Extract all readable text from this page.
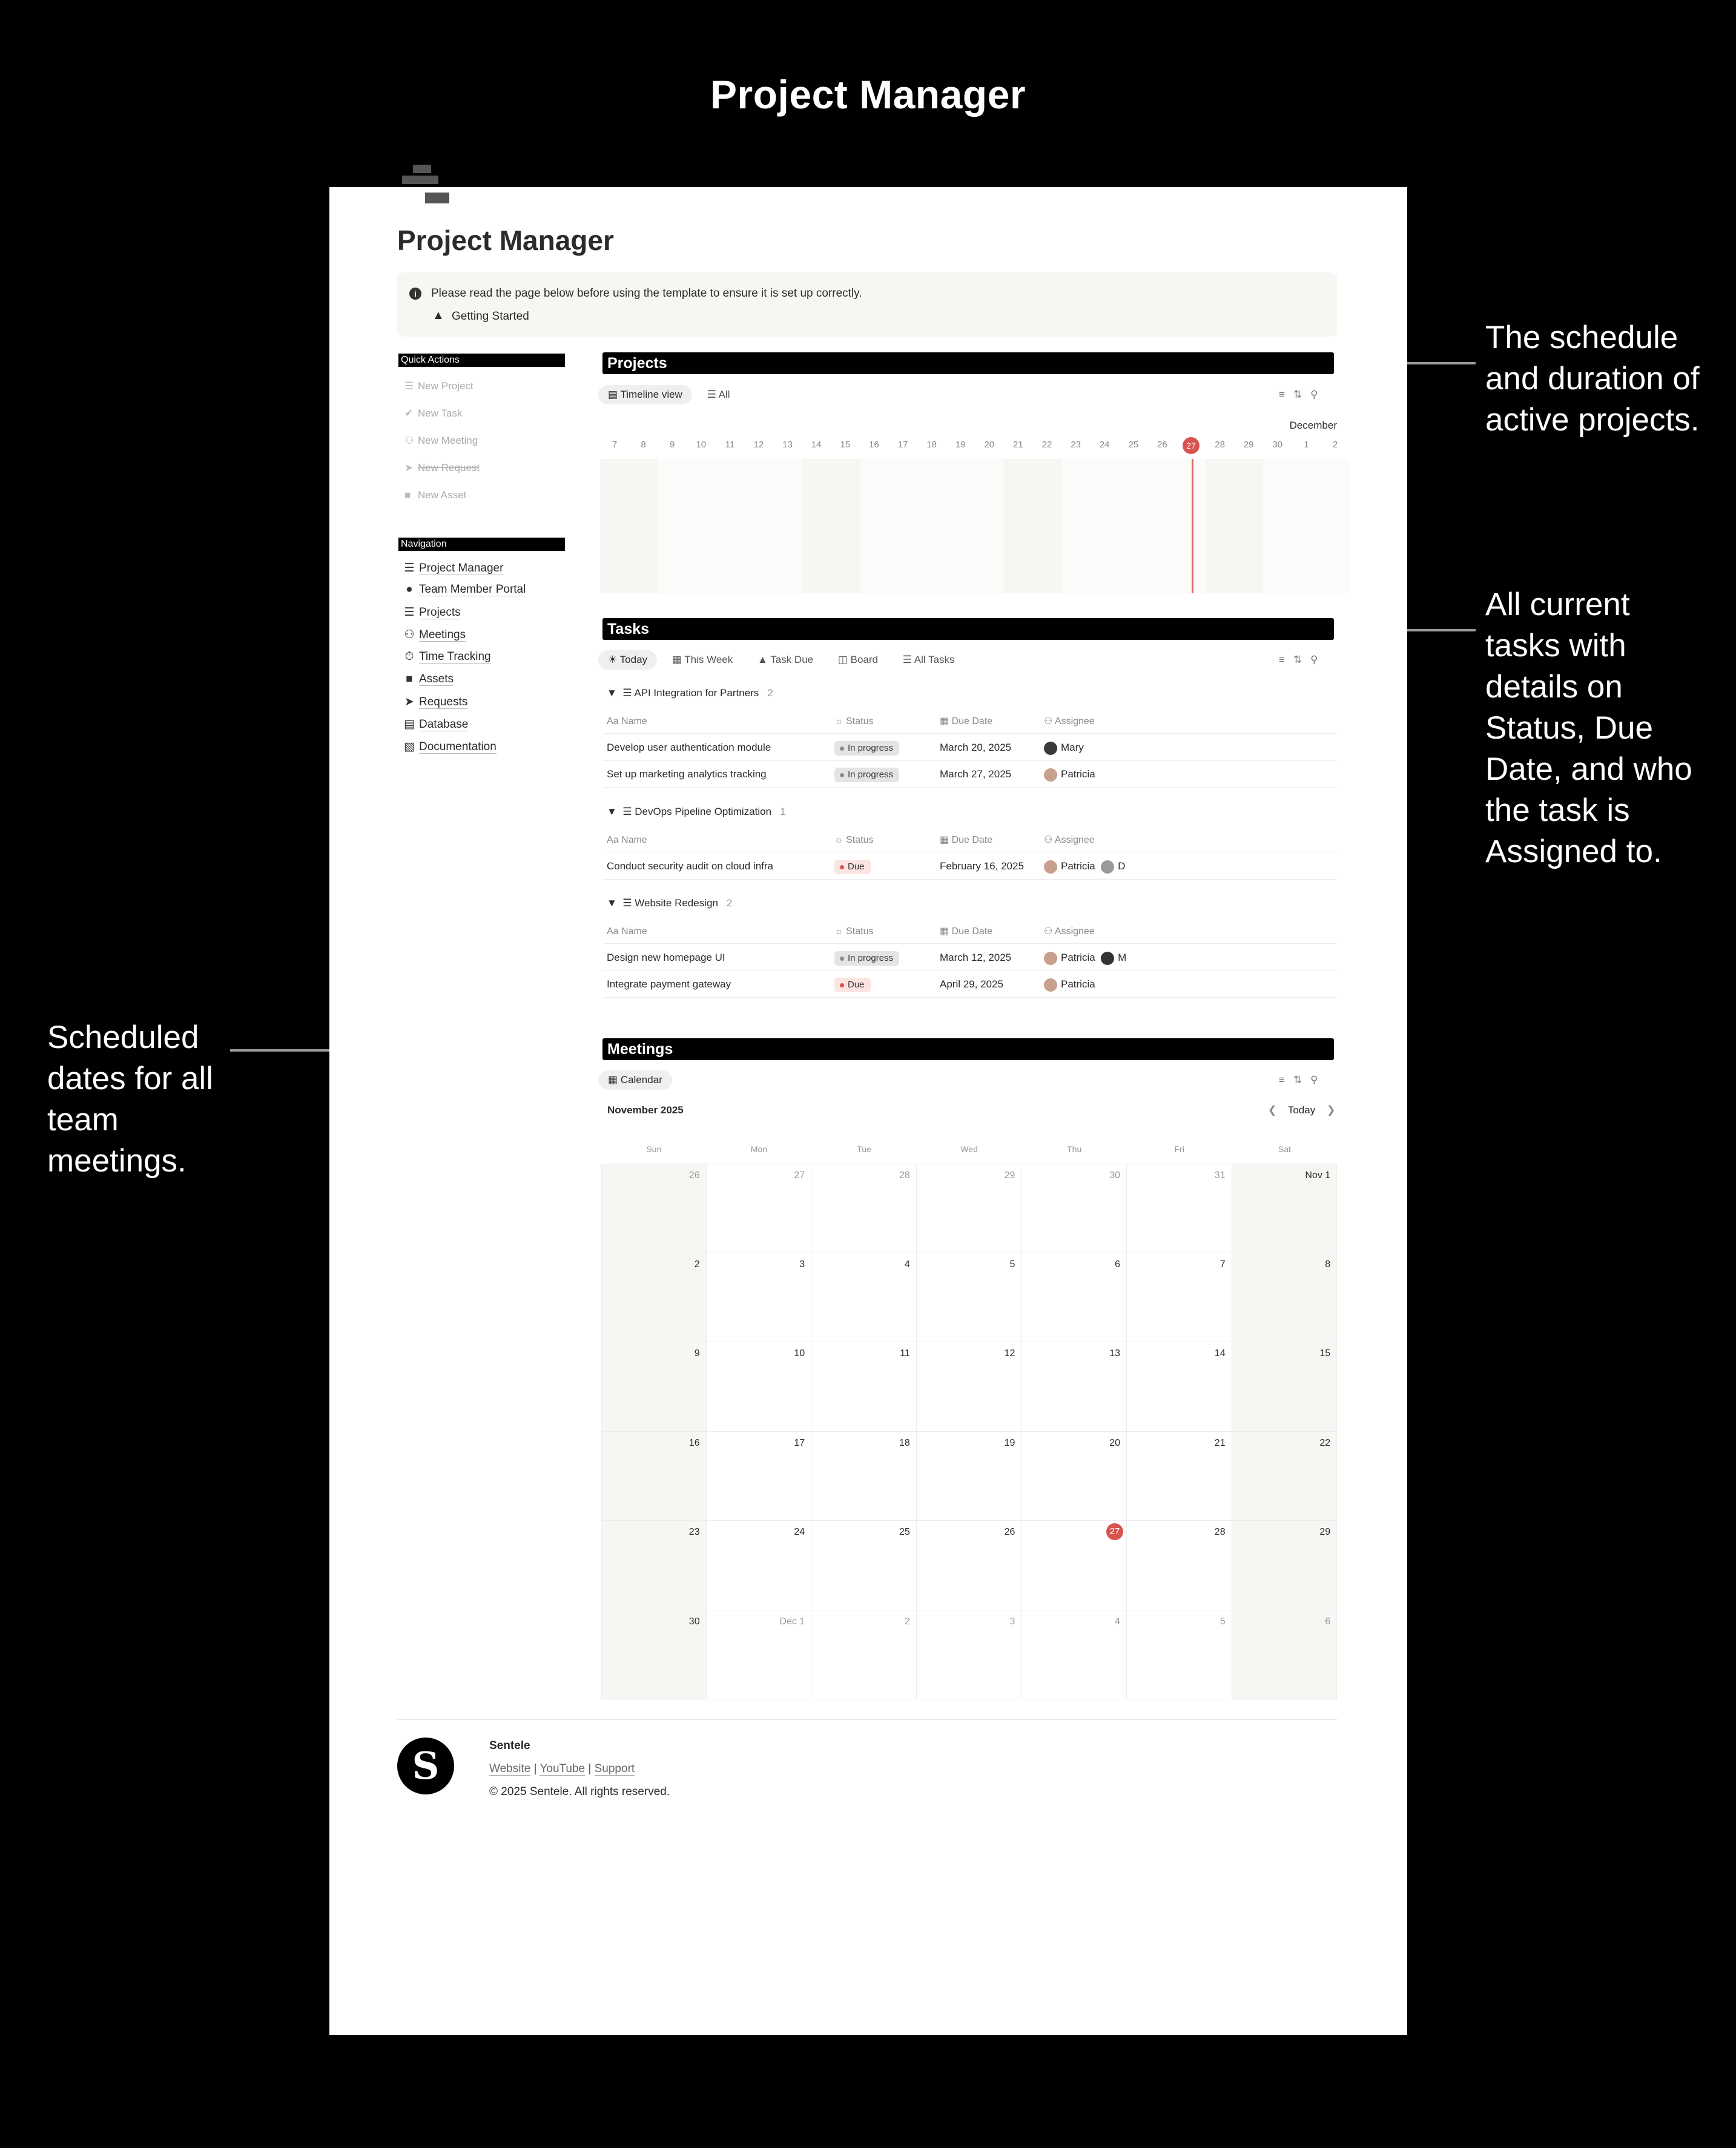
Project Manager
The schedule and duration of active projects.
All current tasks with details on Status, Due Date, and who the task is Assigned to.
Scheduled dates for all team meetings.
Project Manager
i	Please read the page below before using the template to ensure it is set up correctly.
▲ Getting Started
Quick Actions
☰ New Project
✔ New Task
⚇ New Meeting
➤ New Request
■ New Asset
Navigation
☰ Project Manager
● Team Member Portal
☰ Projects
⚇ Meetings
⏱ Time Tracking
■ Assets
➤ Requests
▤ Database
▧ Documentation
Projects
▤ Timeline view ☰ All	≡⇅⚲
December
7	8	9	10	11	12	13	14	15	16	17	18	19	20	21	22	23	24	25	26	27	28	29	30	1	2
Tasks
☀ Today ▦ This Week ▲ Task Due ◫ Board ☰ All Tasks	≡⇅⚲
▼  ☰ API Integration for Partners 2
Aa Name	☼ Status	▦ Due Date	⚇ Assignee
Develop user authentication module	In progress	March 20, 2025	Mary
Set up marketing analytics tracking	In progress	March 27, 2025	Patricia
▼  ☰ DevOps Pipeline Optimization 1
Aa Name	☼ Status	▦ Due Date	⚇ Assignee
Conduct security audit on cloud infra	Due	February 16, 2025	Patricia D
▼  ☰ Website Redesign 2
Aa Name	☼ Status	▦ Due Date	⚇ Assignee
Design new homepage UI	In progress	March 12, 2025	Patricia M
Integrate payment gateway	Due	April 29, 2025	Patricia
Meetings
▦ Calendar	≡⇅⚲
November 2025	❮ Today ❯
Sun	Mon	Tue	Wed	Thu	Fri	Sat
26	27	28	29	30	31	Nov 1
2	3	4	5	6	7	8
9	10	11	12	13	14	15
16	17	18	19	20	21	22
23	24	25	26	27	28	29
30	Dec 1	2	3	4	5	6
S	Sentele
Website | YouTube | Support
© 2025 Sentele. All rights reserved.
